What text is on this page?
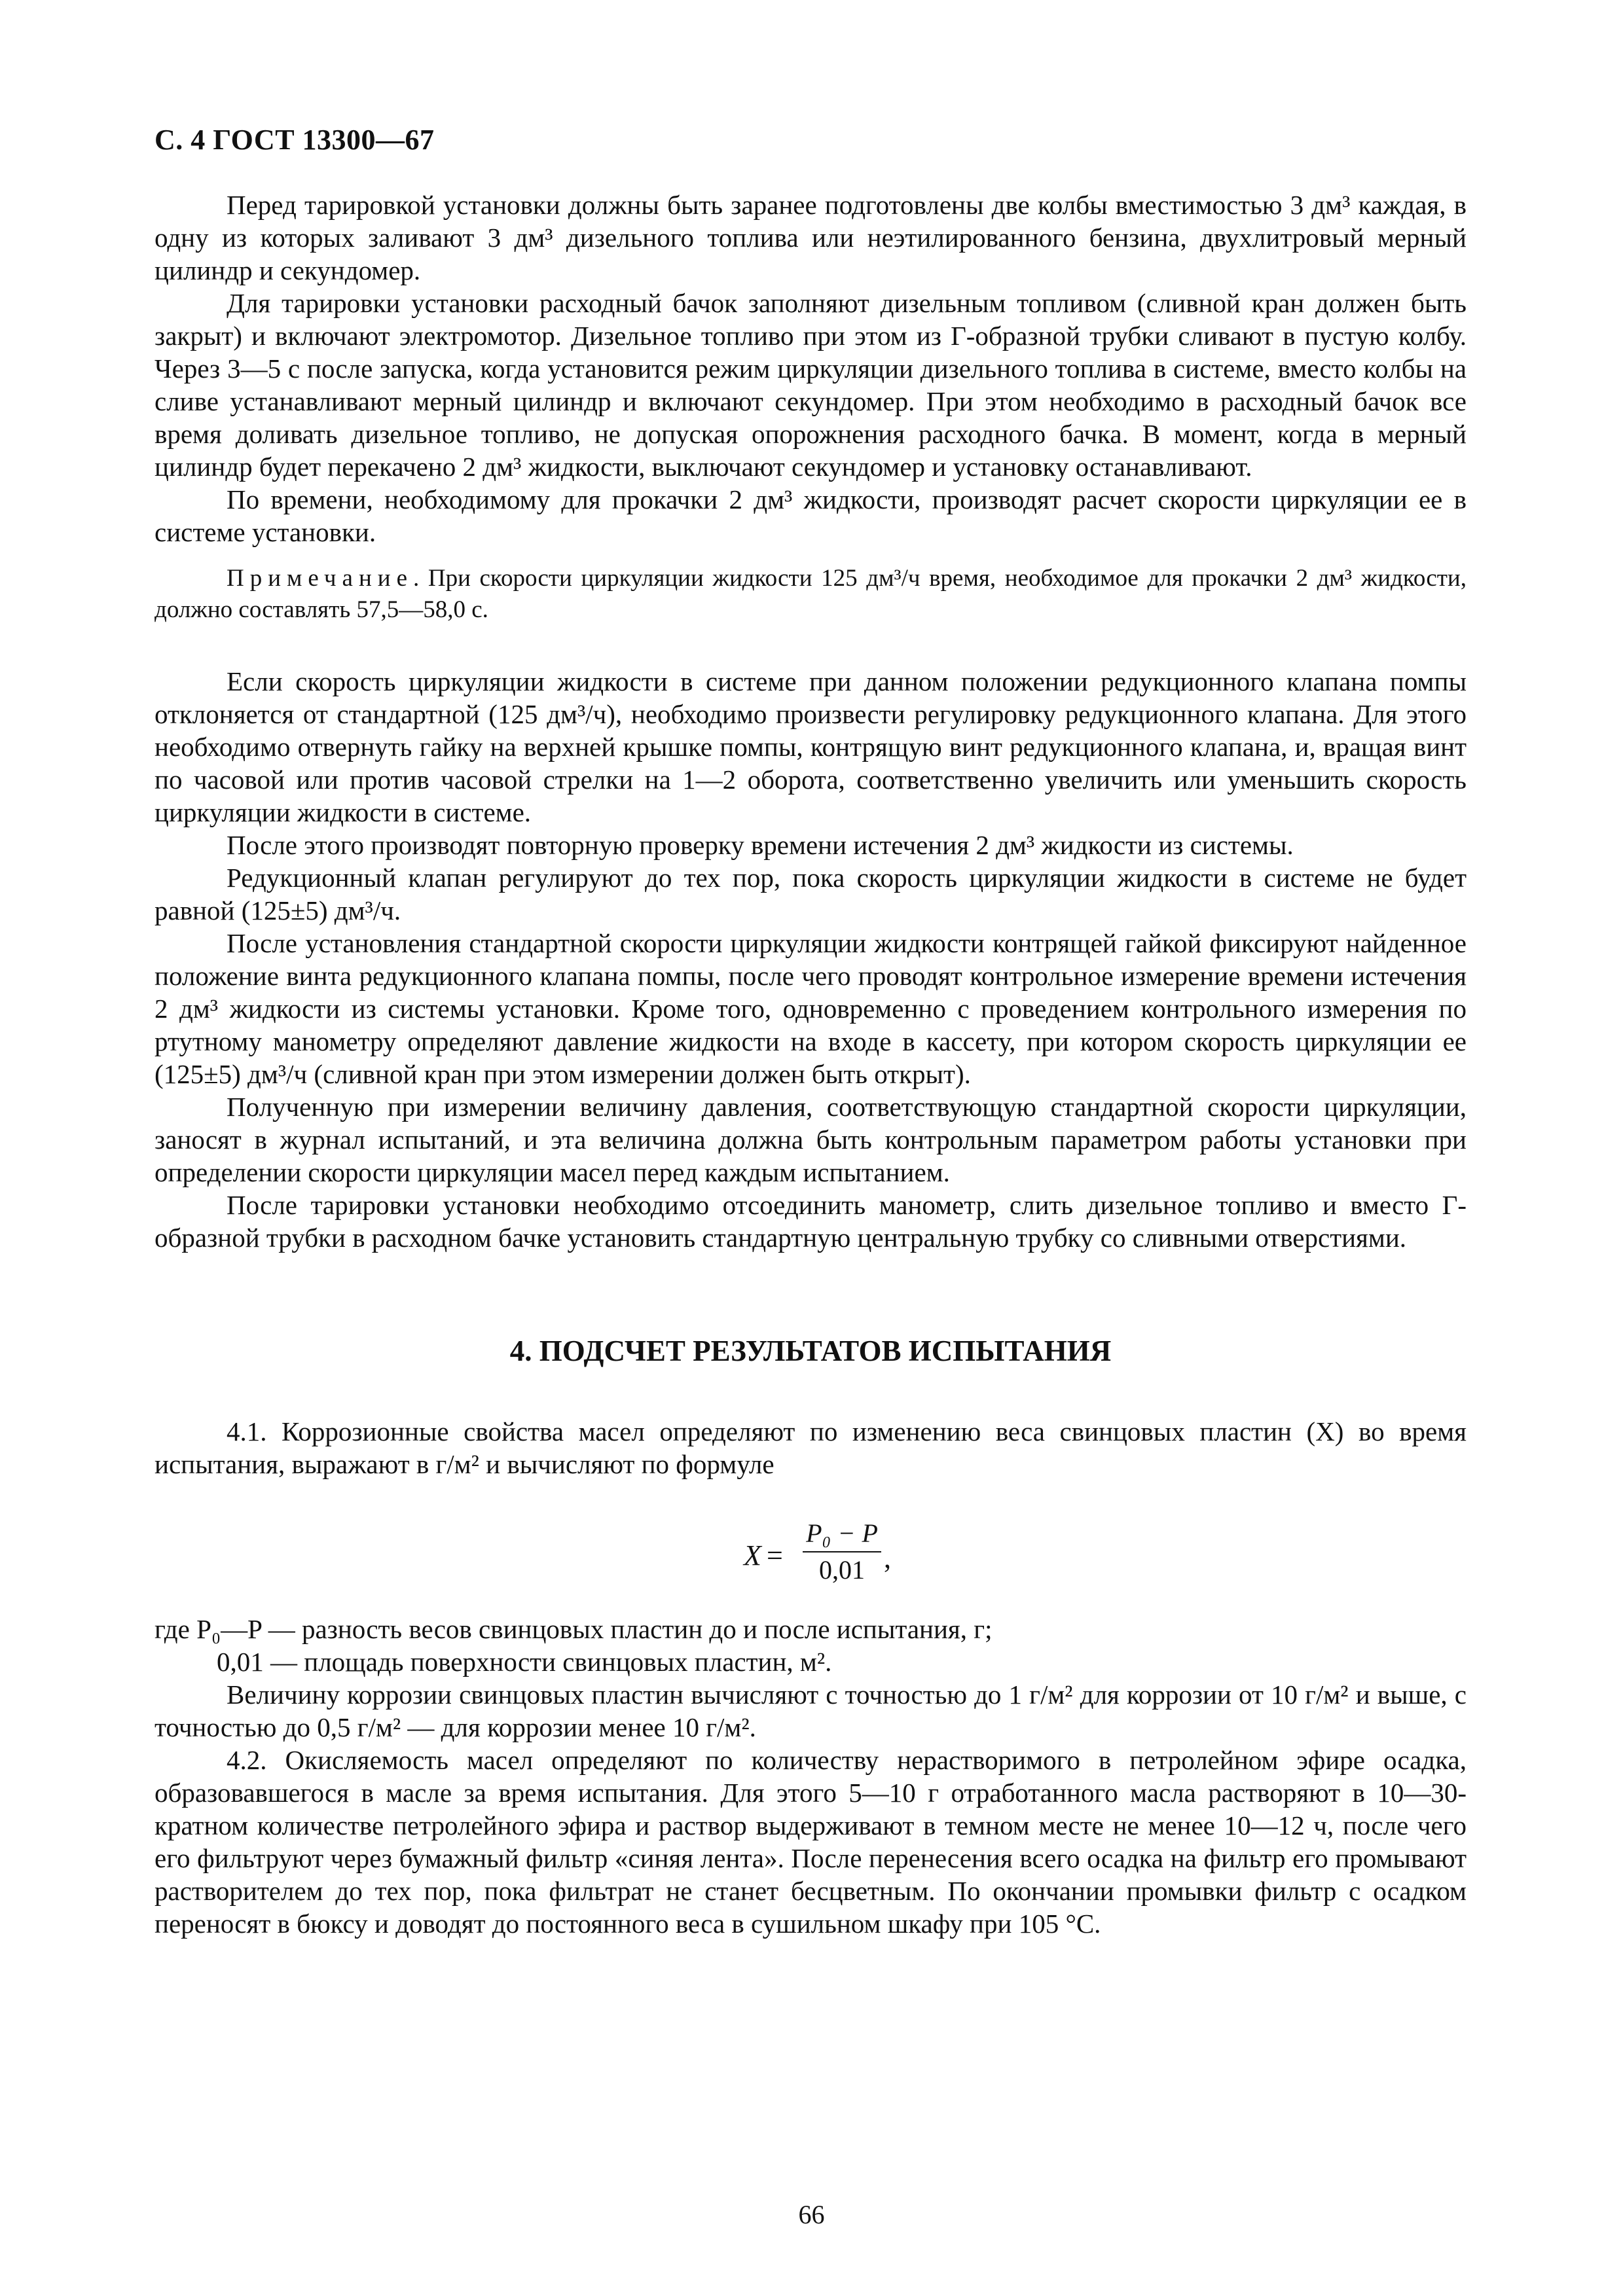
С. 4 ГОСТ 13300—67

Перед тарировкой установки должны быть заранее подготовлены две колбы вместимостью 3 дм³ каждая, в одну из которых заливают 3 дм³ дизельного топлива или неэтилированного бензина, двухлитровый мерный цилиндр и секундомер.

Для тарировки установки расходный бачок заполняют дизельным топливом (сливной кран должен быть закрыт) и включают электромотор. Дизельное топливо при этом из Г-образной трубки сливают в пустую колбу. Через 3—5 с после запуска, когда установится режим циркуляции дизельного топлива в системе, вместо колбы на сливе устанавливают мерный цилиндр и включают секундомер. При этом необходимо в расходный бачок все время доливать дизельное топливо, не допуская опорожнения расходного бачка. В момент, когда в мерный цилиндр будет перекачено 2 дм³ жидкости, выключают секундомер и установку останавливают.

По времени, необходимому для прокачки 2 дм³ жидкости, производят расчет скорости циркуляции ее в системе установки.

Примечание. При скорости циркуляции жидкости 125 дм³/ч время, необходимое для прокачки 2 дм³ жидкости, должно составлять 57,5—58,0 с.

Если скорость циркуляции жидкости в системе при данном положении редукционного клапана помпы отклоняется от стандартной (125 дм³/ч), необходимо произвести регулировку редукционного клапана. Для этого необходимо отвернуть гайку на верхней крышке помпы, контрящую винт редукционного клапана, и, вращая винт по часовой или против часовой стрелки на 1—2 оборота, соответственно увеличить или уменьшить скорость циркуляции жидкости в системе.

После этого производят повторную проверку времени истечения 2 дм³ жидкости из системы.

Редукционный клапан регулируют до тех пор, пока скорость циркуляции жидкости в системе не будет равной (125±5) дм³/ч.

После установления стандартной скорости циркуляции жидкости контрящей гайкой фиксируют найденное положение винта редукционного клапана помпы, после чего проводят контрольное измерение времени истечения 2 дм³ жидкости из системы установки. Кроме того, одновременно с проведением контрольного измерения по ртутному манометру определяют давление жидкости на входе в кассету, при котором скорость циркуляции ее (125±5) дм³/ч (сливной кран при этом измерении должен быть открыт).

Полученную при измерении величину давления, соответствующую стандартной скорости циркуляции, заносят в журнал испытаний, и эта величина должна быть контрольным параметром работы установки при определении скорости циркуляции масел перед каждым испытанием.

После тарировки установки необходимо отсоединить манометр, слить дизельное топливо и вместо Г-образной трубки в расходном бачке установить стандартную центральную трубку со сливными отверстиями.

4. ПОДСЧЕТ РЕЗУЛЬТАТОВ ИСПЫТАНИЯ

4.1. Коррозионные свойства масел определяют по изменению веса свинцовых пластин (X) во время испытания, выражают в г/м² и вычисляют по формуле

X =
P₀ − P
0,01 ,

где P₀—P — разность весов свинцовых пластин до и после испытания, г;

0,01 — площадь поверхности свинцовых пластин, м².

Величину коррозии свинцовых пластин вычисляют с точностью до 1 г/м² для коррозии от 10 г/м² и выше, с точностью до 0,5 г/м² — для коррозии менее 10 г/м².

4.2. Окисляемость масел определяют по количеству нерастворимого в петролейном эфире осадка, образовавшегося в масле за время испытания. Для этого 5—10 г отработанного масла растворяют в 10—30-кратном количестве петролейного эфира и раствор выдерживают в темном месте не менее 10—12 ч, после чего его фильтруют через бумажный фильтр «синяя лента». После перенесения всего осадка на фильтр его промывают растворителем до тех пор, пока фильтрат не станет бесцветным. По окончании промывки фильтр с осадком переносят в бюксу и доводят до постоянного веса в сушильном шкафу при 105 °С.

66
